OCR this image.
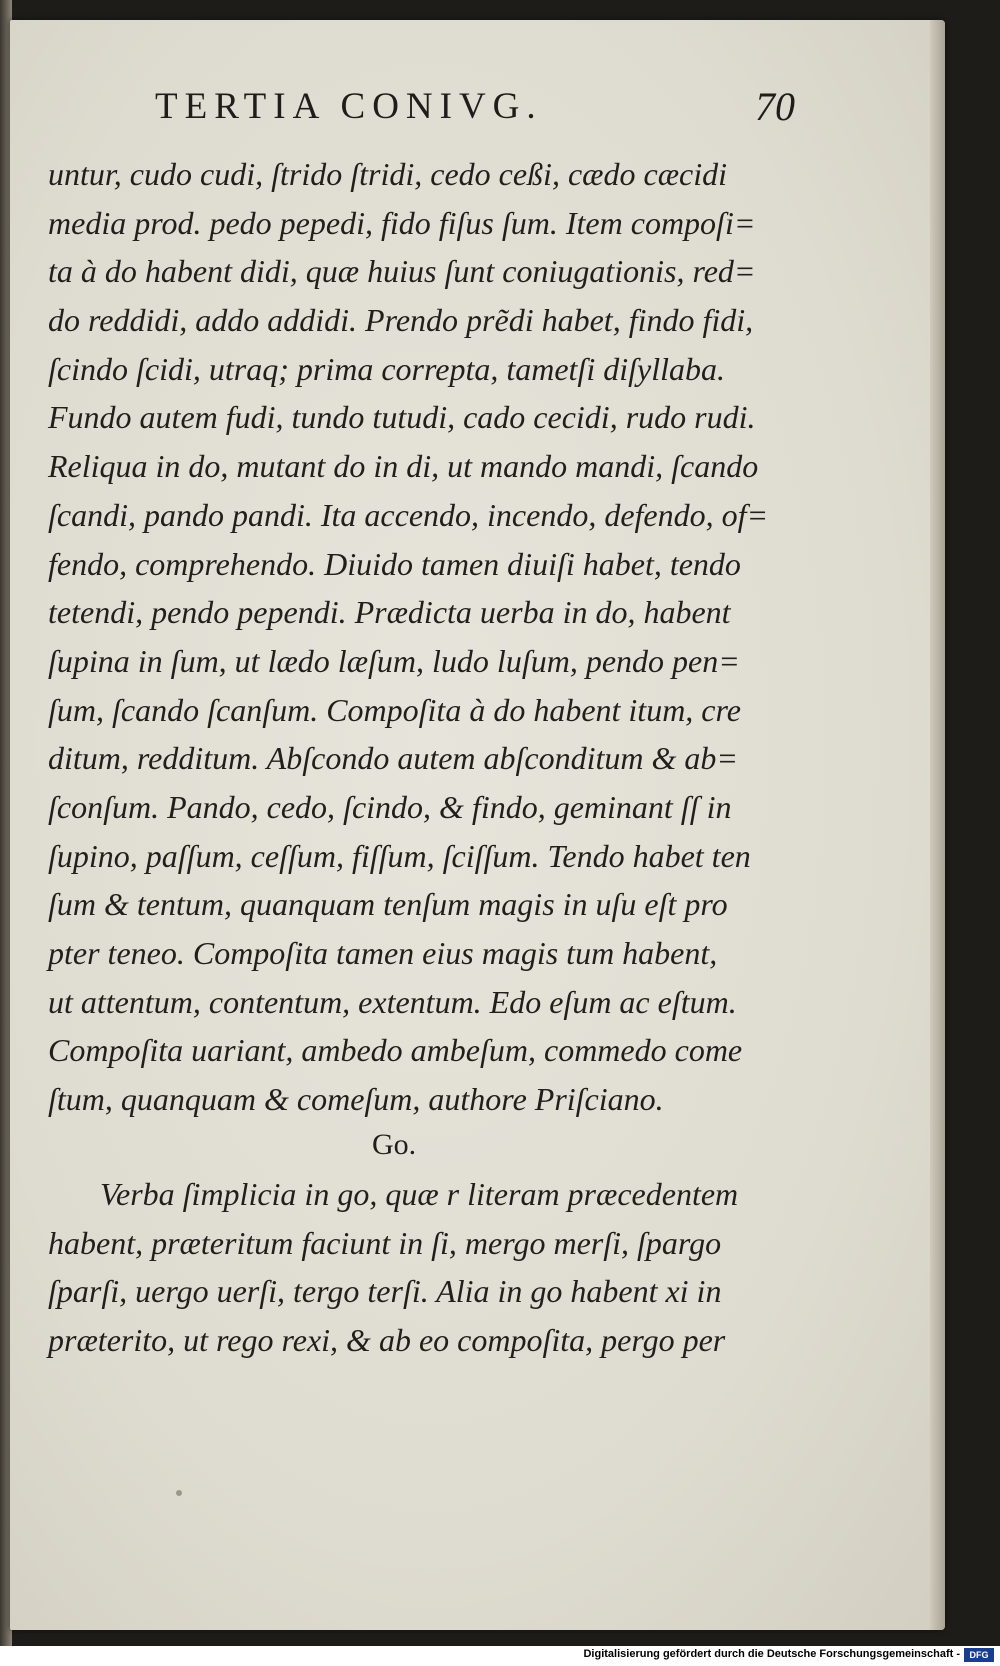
TERTIA CONIVG.	70
untur, cudo cudi, ſtrido ſtridi, cedo ceßi, cædo cæcidi
media prod. pedo pepedi, fido fiſus ſum. Item compoſi=
ta à do habent didi, quæ huius ſunt coniugationis, red=
do reddidi, addo addidi. Prendo prẽdi habet, findo fidi,
ſcindo ſcidi, utraq; prima correpta, tametſi diſyllaba.
Fundo autem fudi, tundo tutudi, cado cecidi, rudo rudi.
Reliqua in do, mutant do in di, ut mando mandi, ſcando
ſcandi, pando pandi. Ita accendo, incendo, defendo, of=
fendo, comprehendo. Diuido tamen diuiſi habet, tendo
tetendi, pendo pependi. Prædicta uerba in do, habent
ſupina in ſum, ut lædo læſum, ludo luſum, pendo pen=
ſum, ſcando ſcanſum. Compoſita à do habent itum, cre
ditum, redditum. Abſcondo autem abſconditum & ab=
ſconſum. Pando, cedo, ſcindo, & findo, geminant ſſ in
ſupino, paſſum, ceſſum, fiſſum, ſciſſum. Tendo habet ten
ſum & tentum, quanquam tenſum magis in uſu eſt pro
pter teneo. Compoſita tamen eius magis tum habent,
ut attentum, contentum, extentum. Edo eſum ac eſtum.
Compoſita uariant, ambedo ambeſum, commedo come
ſtum, quanquam & comeſum, authore Priſciano.
Go.
Verba ſimplicia in go, quæ r literam præcedentem
habent, præteritum faciunt in ſi, mergo merſi, ſpargo
ſparſi, uergo uerſi, tergo terſi. Alia in go habent xi in
præterito, ut rego rexi, & ab eo compoſita, pergo per
Digitalisierung gefördert durch die Deutsche Forschungsgemeinschaft -	DFG
